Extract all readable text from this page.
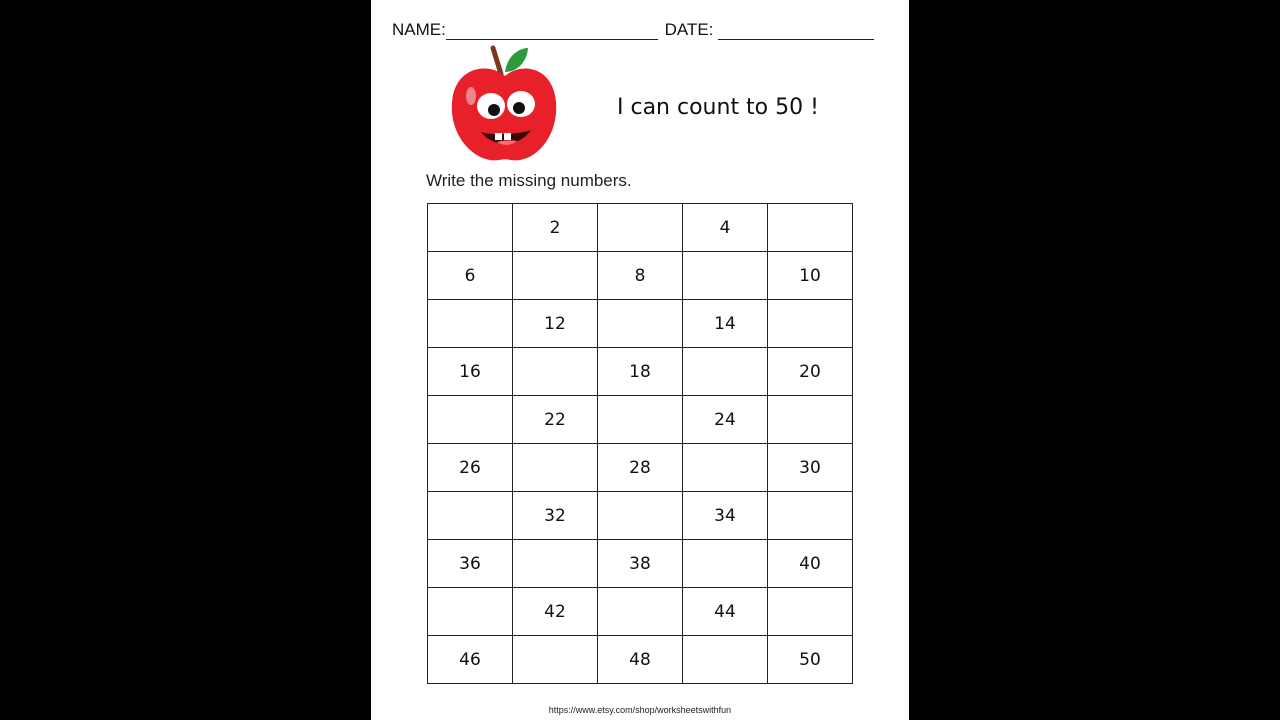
NAME:	DATE:
I can count to 50 !
Write the missing numbers.
	2		4	
6		8		10
	12		14	
16		18		20
	22		24	
26		28		30
	32		34	
36		38		40
	42		44	
46		48		50
https://www.etsy.com/shop/worksheetswithfun
